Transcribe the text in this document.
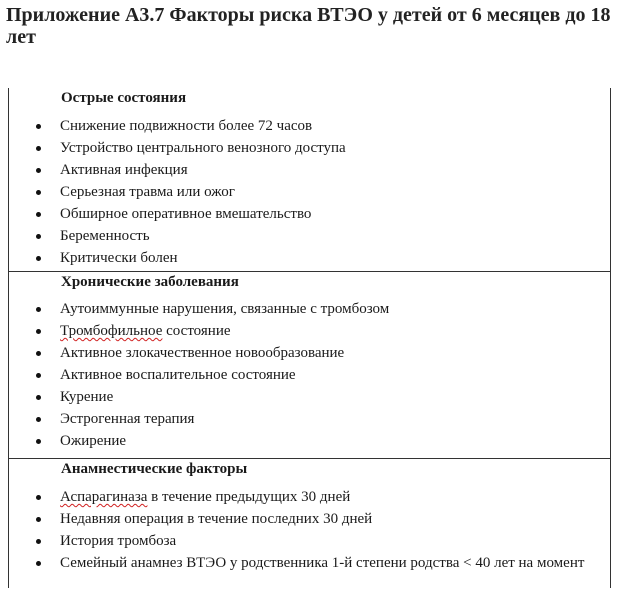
Приложение А3.7 Факторы риска ВТЭО у детей от 6 месяцев до 18 лет
Острые состояния
Снижение подвижности более 72 часов
Устройство центрального венозного доступа
Активная инфекция
Серьезная травма или ожог
Обширное оперативное вмешательство
Беременность
Критически болен
Хронические заболевания
Аутоиммунные нарушения, связанные с тромбозом
Тромбофильное состояние
Активное злокачественное новообразование
Активное воспалительное состояние
Курение
Эстрогенная терапия
Ожирение
Анамнестические факторы
Аспарагиназа в течение предыдущих 30 дней
Недавняя операция в течение последних 30 дней
История тромбоза
Семейный анамнез ВТЭО у родственника 1-й степени родства < 40 лет на момент
